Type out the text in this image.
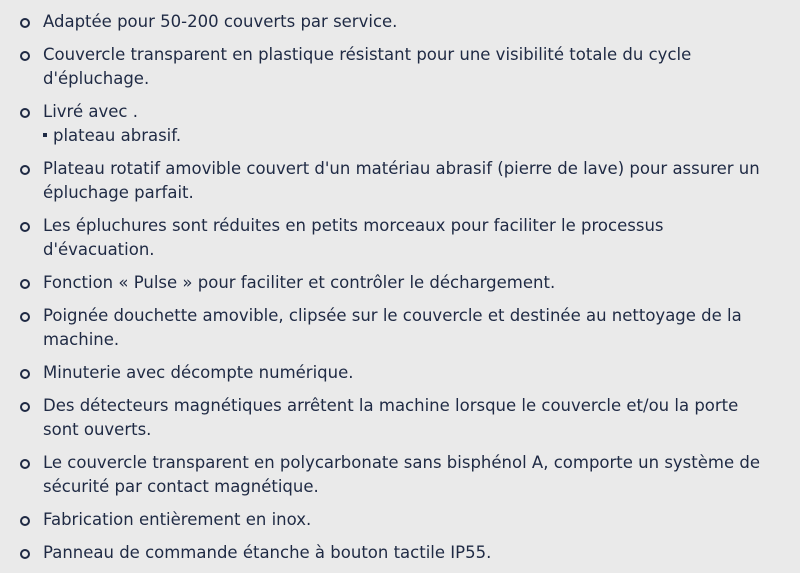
Adaptée pour 50-200 couverts par service.
Couvercle transparent en plastique résistant pour une visibilité totale du cycle d'épluchage.
Livré avec .
plateau abrasif.
Plateau rotatif amovible couvert d'un matériau abrasif (pierre de lave) pour assurer un épluchage parfait.
Les épluchures sont réduites en petits morceaux pour faciliter le processus d'évacuation.
Fonction « Pulse » pour faciliter et contrôler le déchargement.
Poignée douchette amovible, clipsée sur le couvercle et destinée au nettoyage de la machine.
Minuterie avec décompte numérique.
Des détecteurs magnétiques arrêtent la machine lorsque le couvercle et/ou la porte sont ouverts.
Le couvercle transparent en polycarbonate sans bisphénol A, comporte un système de sécurité par contact magnétique.
Fabrication entièrement en inox.
Panneau de commande étanche à bouton tactile IP55.
